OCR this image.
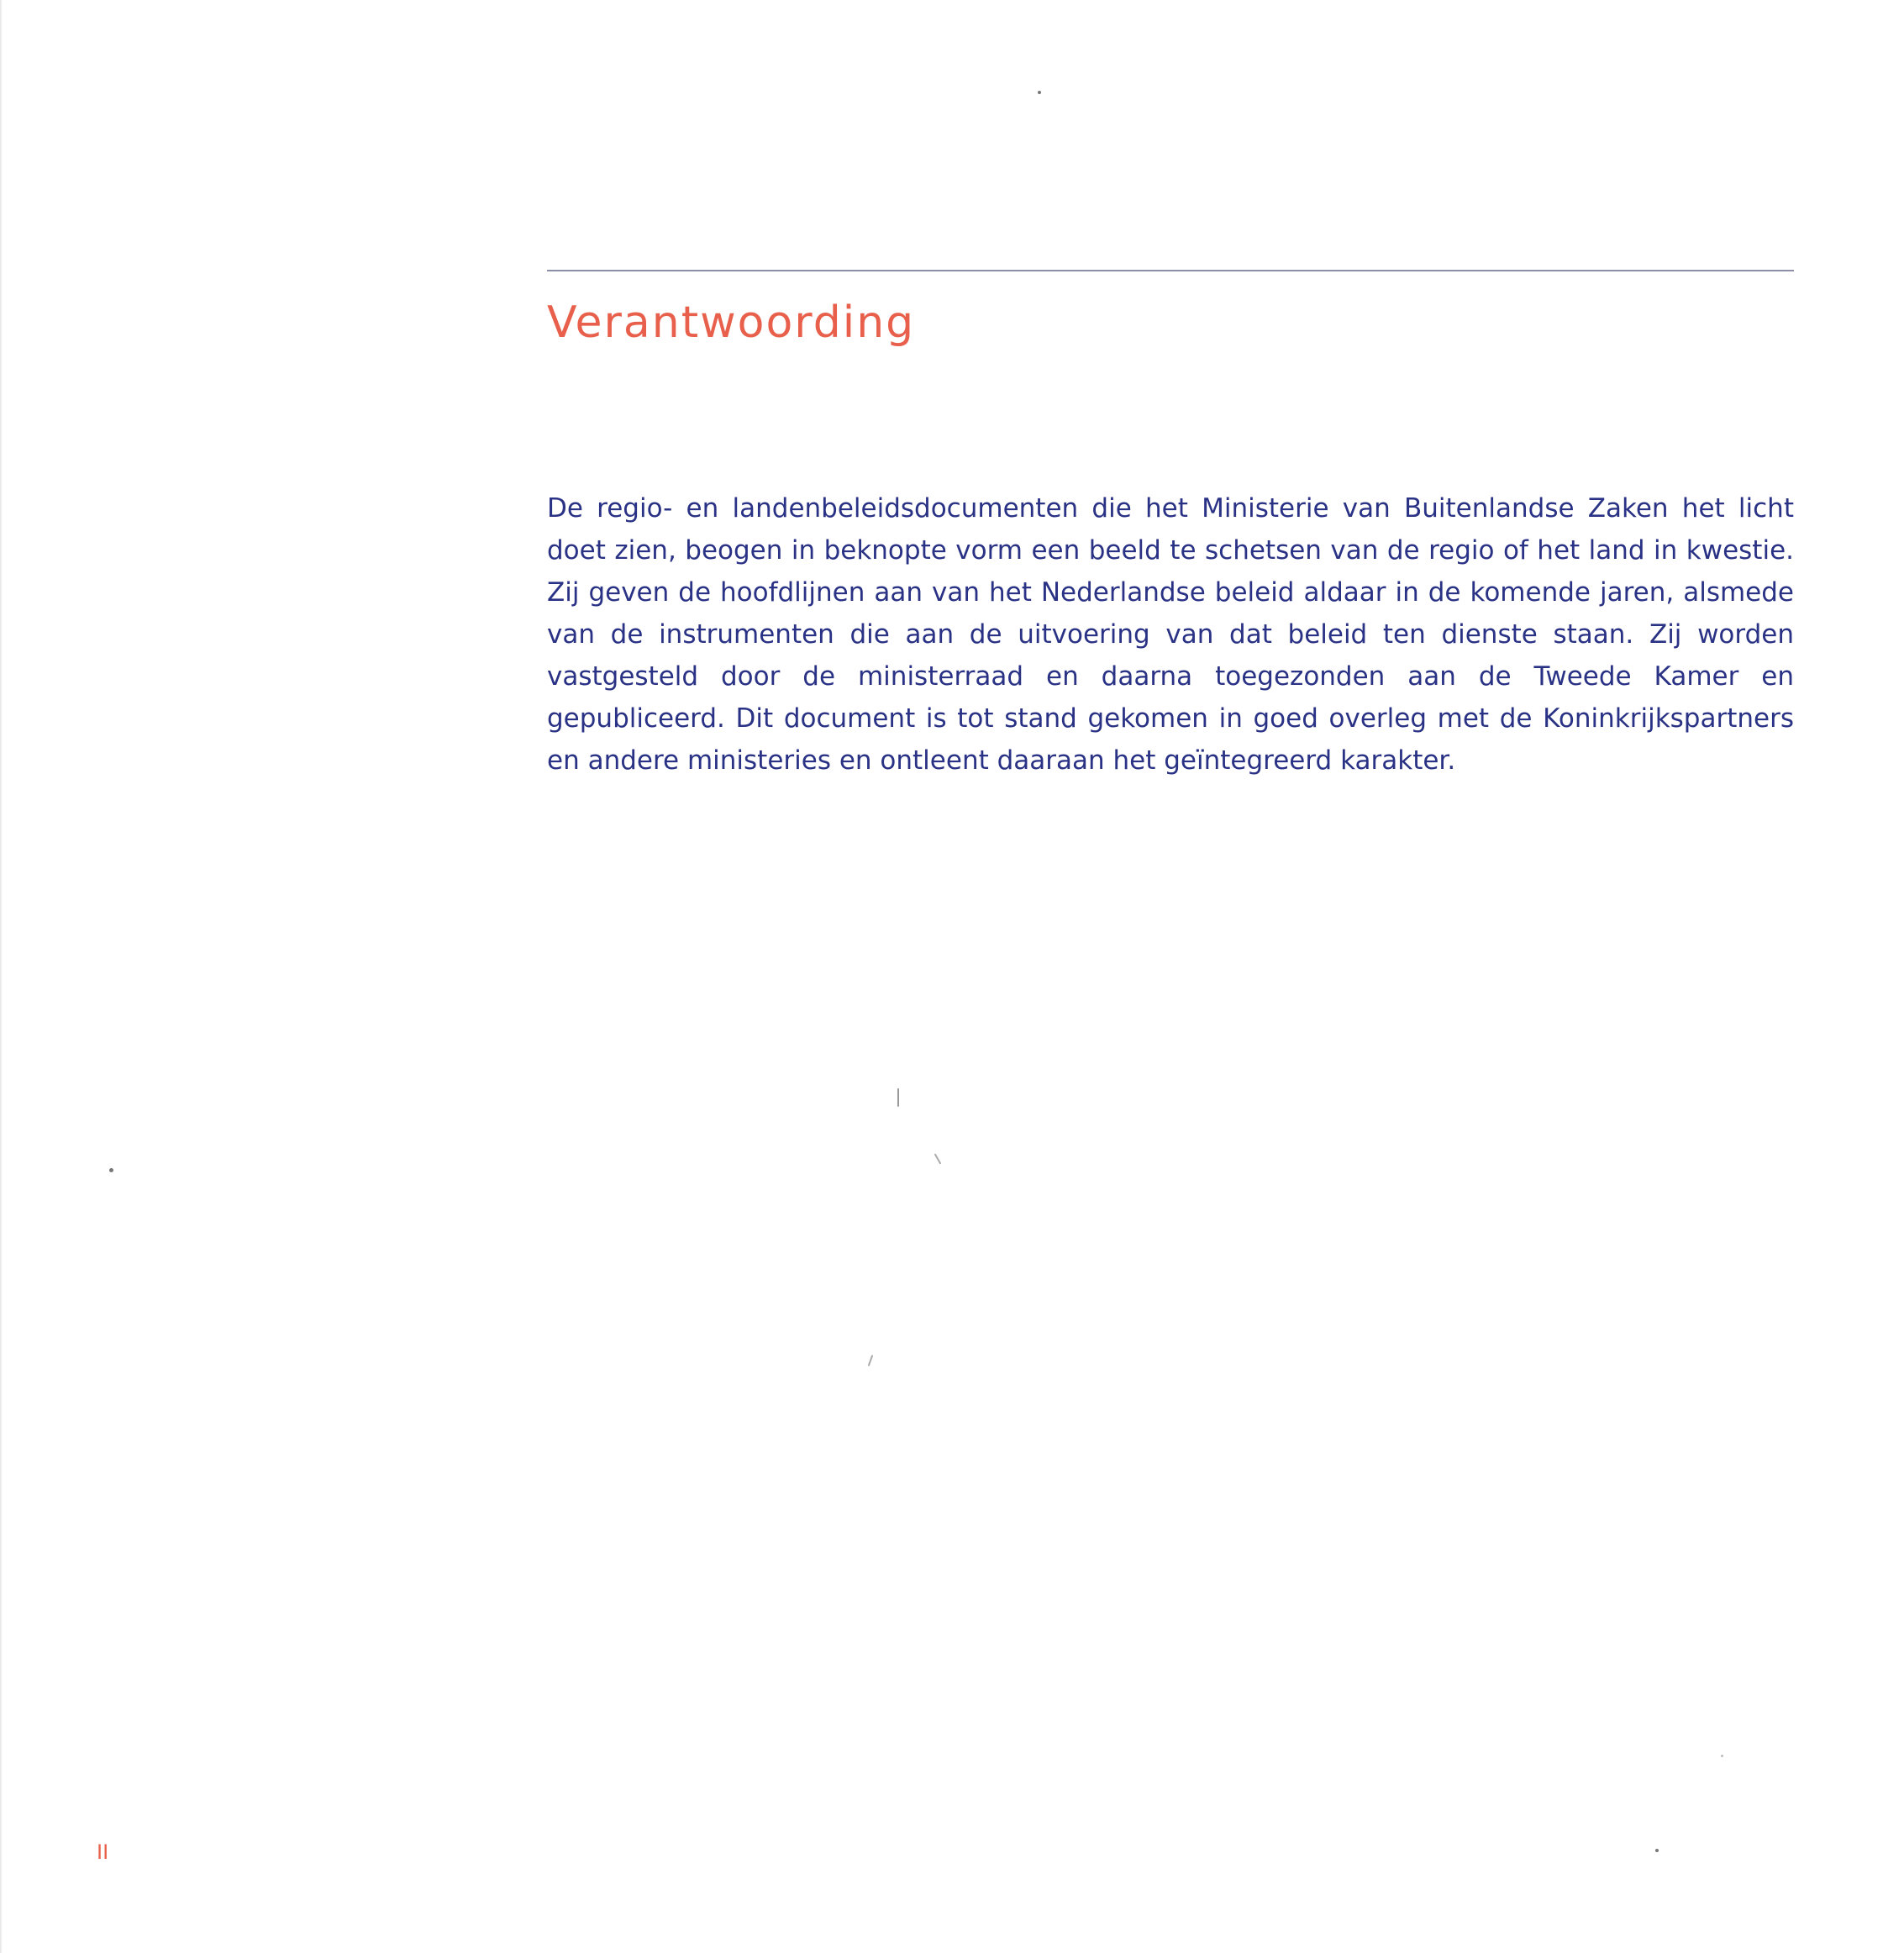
Verantwoording

De regio- en landenbeleidsdocumenten die het Ministerie van Buitenlandse Zaken het licht doet zien, beogen in beknopte vorm een beeld te schetsen van de regio of het land in kwestie. Zij geven de hoofdlijnen aan van het Nederlandse beleid aldaar in de komende jaren, alsmede van de instrumenten die aan de uitvoering van dat beleid ten dienste staan. Zij worden vastgesteld door de ministerraad en daarna toegezonden aan de Tweede Kamer en gepubliceerd. Dit document is tot stand gekomen in goed overleg met de Koninkrijkspartners en andere ministeries en ontleent daaraan het geïntegreerd karakter.

II
